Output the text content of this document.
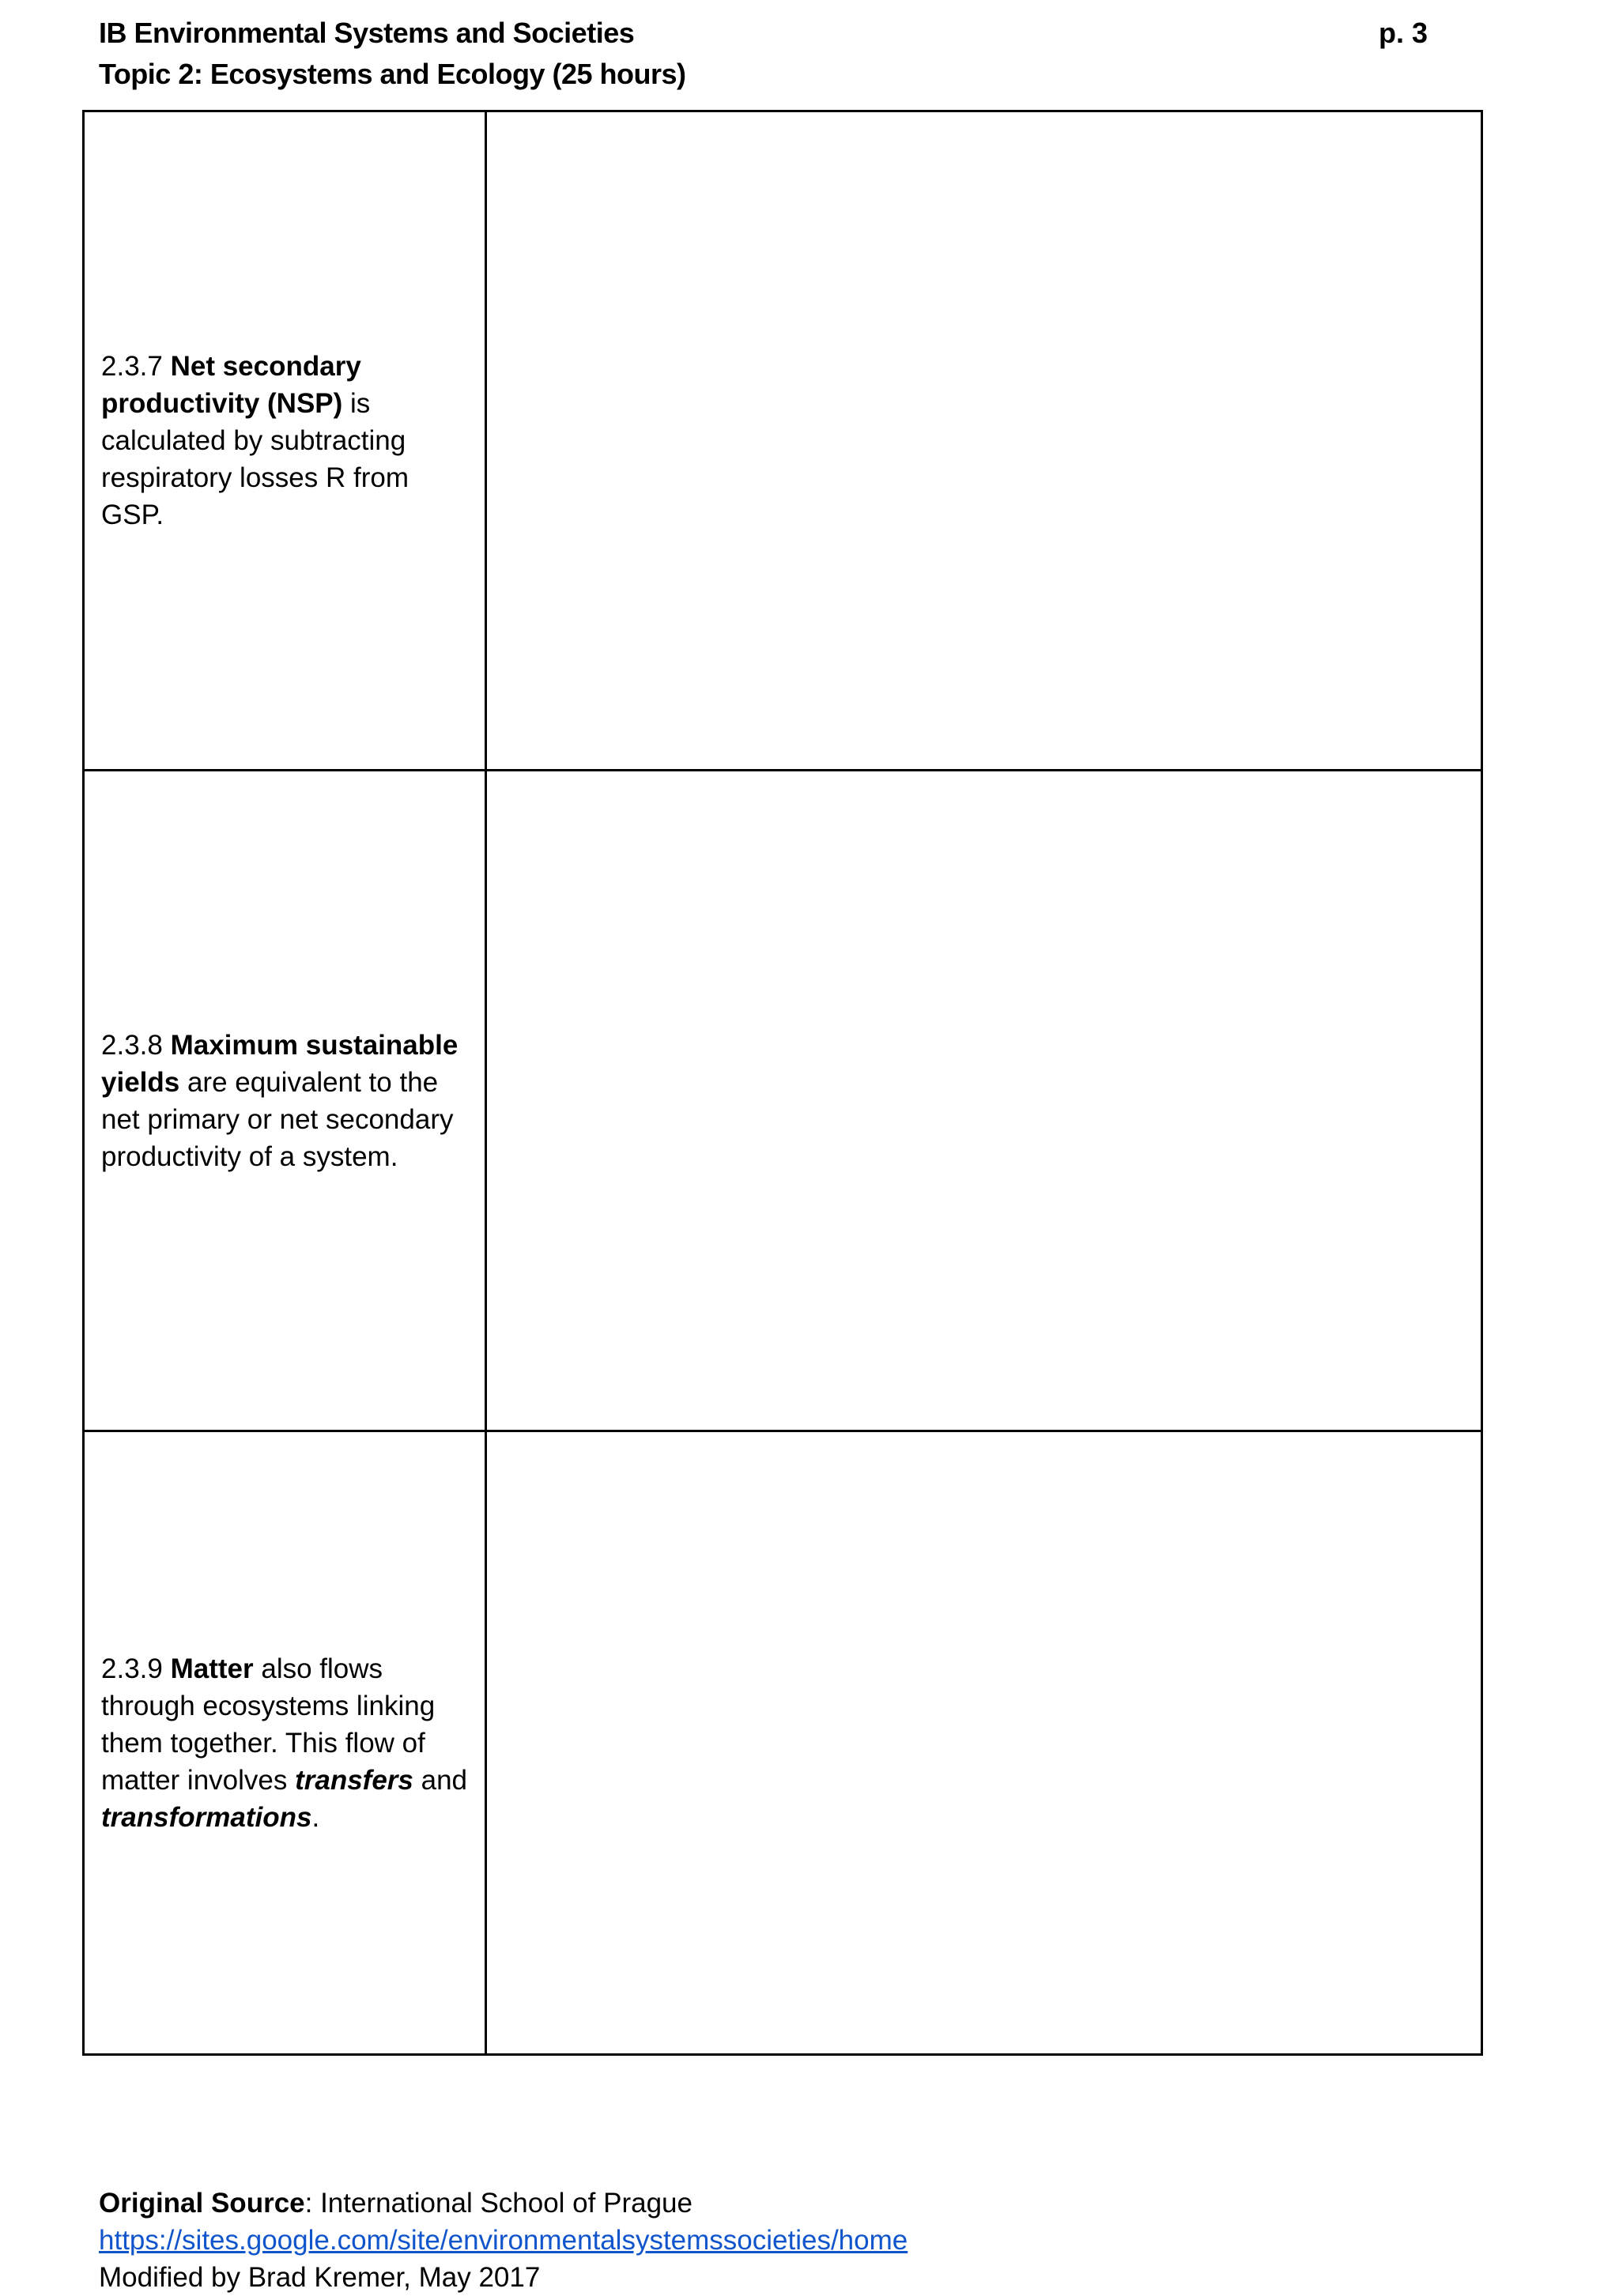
IB Environmental Systems and Societies
Topic 2: Ecosystems and Ecology (25 hours)
p. 3
2.3.7 Net secondary productivity (NSP) is calculated by subtracting respiratory losses R from GSP.
2.3.8 Maximum sustainable yields are equivalent to the net primary or net secondary productivity of a system.
2.3.9 Matter also flows through ecosystems linking them together. This flow of matter involves transfers and transformations.
Original Source: International School of Prague
https://sites.google.com/site/environmentalsystemssocieties/home
Modified by Brad Kremer, May 2017
